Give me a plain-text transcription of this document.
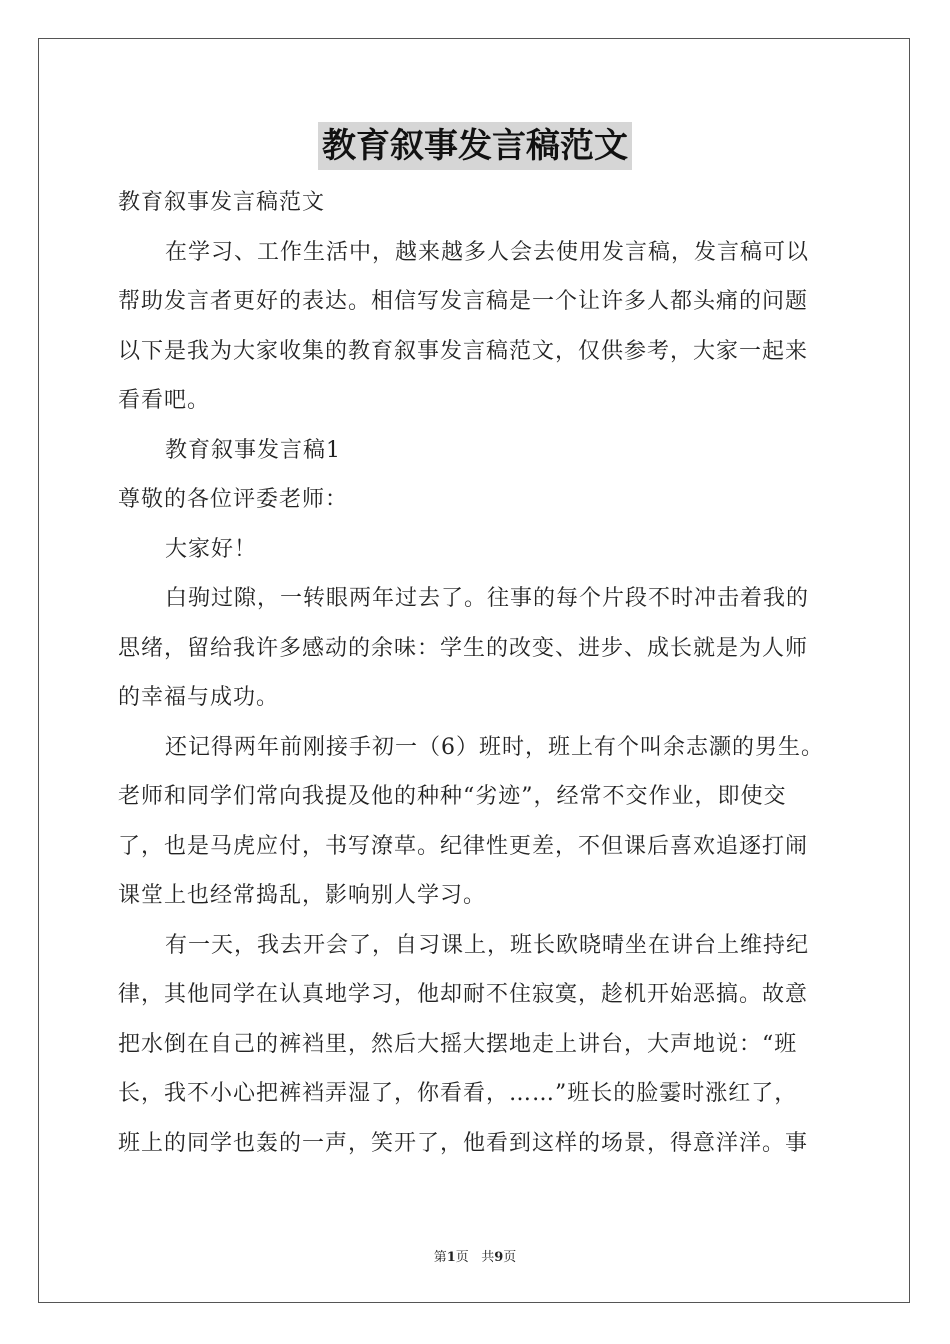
教育叙事发言稿范文
教育叙事发言稿范文
在学习、工作生活中，越来越多人会去使用发言稿，发言稿可以
帮助发言者更好的表达。相信写发言稿是一个让许多人都头痛的问题
以下是我为大家收集的教育叙事发言稿范文，仅供参考，大家一起来
看看吧。
教育叙事发言稿1
尊敬的各位评委老师：
大家好！
白驹过隙，一转眼两年过去了。往事的每个片段不时冲击着我的
思绪，留给我许多感动的余味：学生的改变、进步、成长就是为人师
的幸福与成功。
还记得两年前刚接手初一（6）班时，班上有个叫余志灏的男生。
老师和同学们常向我提及他的种种“劣迹”，经常不交作业，即使交
了，也是马虎应付，书写潦草。纪律性更差，不但课后喜欢追逐打闹
课堂上也经常捣乱，影响别人学习。
有一天，我去开会了，自习课上，班长欧晓晴坐在讲台上维持纪
律，其他同学在认真地学习，他却耐不住寂寞，趁机开始恶搞。故意
把水倒在自己的裤裆里，然后大摇大摆地走上讲台，大声地说：“班
长，我不小心把裤裆弄湿了，你看看，……”班长的脸霎时涨红了，
班上的同学也轰的一声，笑开了，他看到这样的场景，得意洋洋。事
第1页 共9页
